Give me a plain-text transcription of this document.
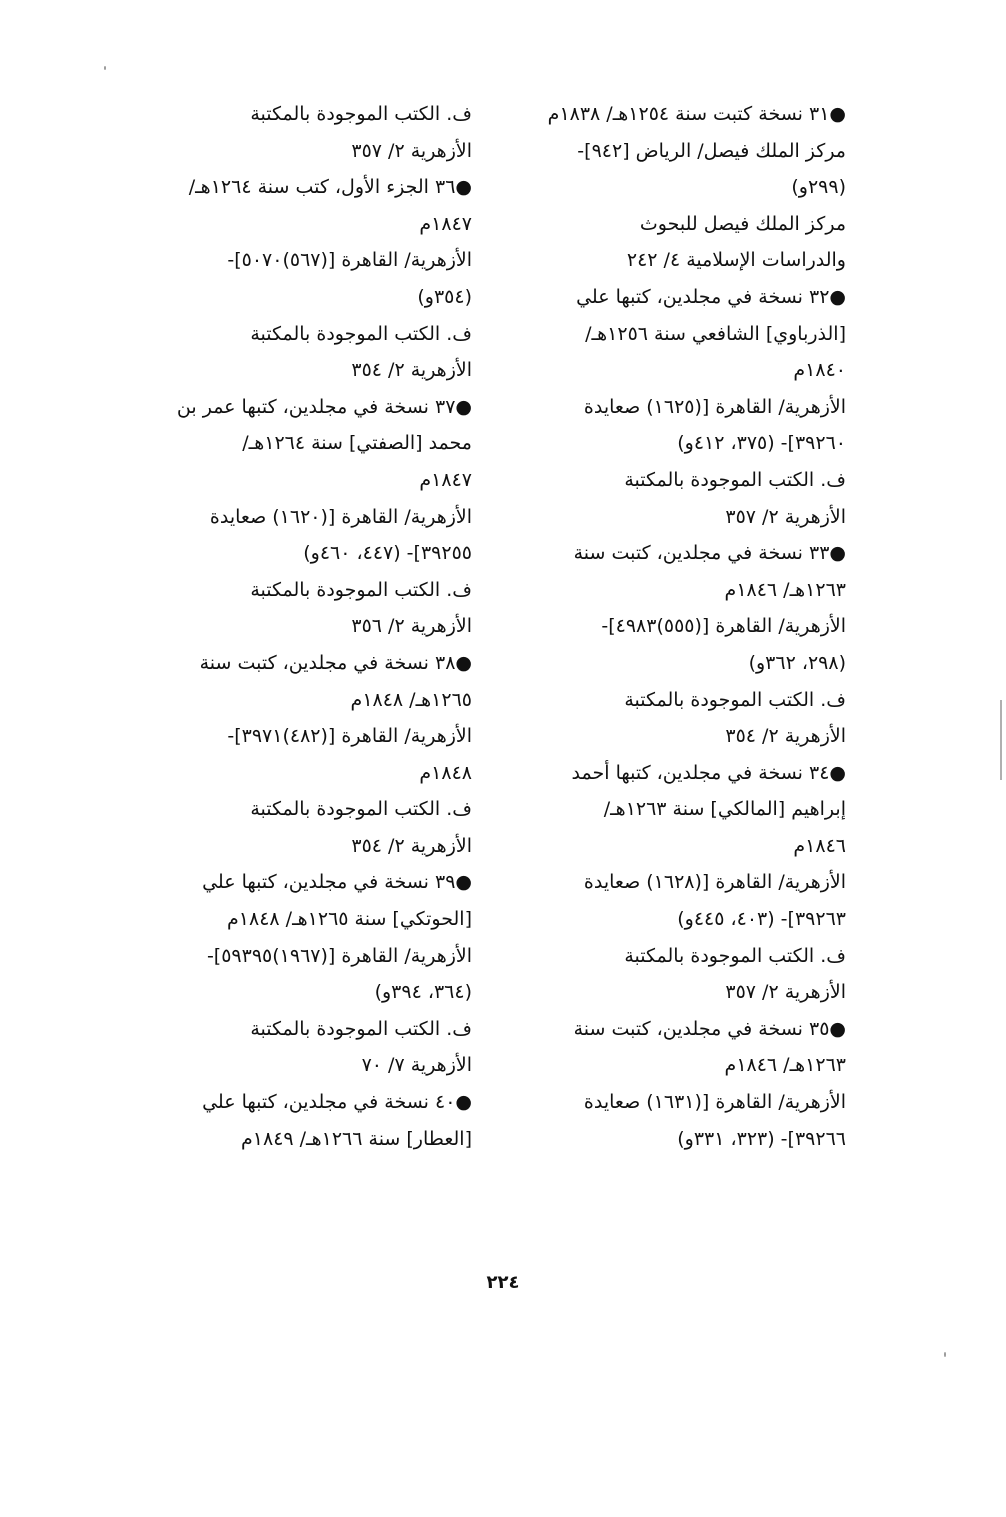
●٣١ نسخة كتبت سنة ١٢٥٤هـ/ ١٨٣٨م
مركز الملك فيصل/ الرياض [٩٤٢]-
(٢٩٩و)
مركز الملك فيصل للبحوث
والدراسات الإسلامية ٤/ ٢٤٢
●٣٢ نسخة في مجلدين، كتبها علي
[الذرباوي] الشافعي سنة ١٢٥٦هـ/
١٨٤٠م
الأزهرية/ القاهرة [(١٦٢٥) صعايدة
٣٩٢٦٠]- (٣٧٥، ٤١٢و)
ف. الكتب الموجودة بالمكتبة
الأزهرية ٢/ ٣٥٧
●٣٣ نسخة في مجلدين، كتبت سنة
١٢٦٣هـ/ ١٨٤٦م
الأزهرية/ القاهرة [(٥٥٥)٤٩٨٣]-
(٢٩٨، ٣٦٢و)
ف. الكتب الموجودة بالمكتبة
الأزهرية ٢/ ٣٥٤
●٣٤ نسخة في مجلدين، كتبها أحمد
إبراهيم [المالكي] سنة ١٢٦٣هـ/
١٨٤٦م
الأزهرية/ القاهرة [(١٦٢٨) صعايدة
٣٩٢٦٣]- (٤٠٣، ٤٤٥و)
ف. الكتب الموجودة بالمكتبة
الأزهرية ٢/ ٣٥٧
●٣٥ نسخة في مجلدين، كتبت سنة
١٢٦٣هـ/ ١٨٤٦م
الأزهرية/ القاهرة [(١٦٣١) صعايدة
٣٩٢٦٦]- (٣٢٣، ٣٣١و)
ف. الكتب الموجودة بالمكتبة
الأزهرية ٢/ ٣٥٧
●٣٦ الجزء الأول، كتب سنة ١٢٦٤هـ/
١٨٤٧م
الأزهرية/ القاهرة [(٥٦٧)٥٠٧٠]-
(٣٥٤و)
ف. الكتب الموجودة بالمكتبة
الأزهرية ٢/ ٣٥٤
●٣٧ نسخة في مجلدين، كتبها عمر بن
محمد [الصفتي] سنة ١٢٦٤هـ/
١٨٤٧م
الأزهرية/ القاهرة [(١٦٢٠) صعايدة
٣٩٢٥٥]- (٤٤٧، ٤٦٠و)
ف. الكتب الموجودة بالمكتبة
الأزهرية ٢/ ٣٥٦
●٣٨ نسخة في مجلدين، كتبت سنة
١٢٦٥هـ/ ١٨٤٨م
الأزهرية/ القاهرة [(٤٨٢)٣٩٧١]-
١٨٤٨م
ف. الكتب الموجودة بالمكتبة
الأزهرية ٢/ ٣٥٤
●٣٩ نسخة في مجلدين، كتبها علي
[الحوتكي] سنة ١٢٦٥هـ/ ١٨٤٨م
الأزهرية/ القاهرة [(١٩٦٧)٥٩٣٩٥]-
(٣٦٤، ٣٩٤و)
ف. الكتب الموجودة بالمكتبة
الأزهرية ٧/ ٧٠
●٤٠ نسخة في مجلدين، كتبها علي
[العطار] سنة ١٢٦٦هـ/ ١٨٤٩م
٢٢٤
